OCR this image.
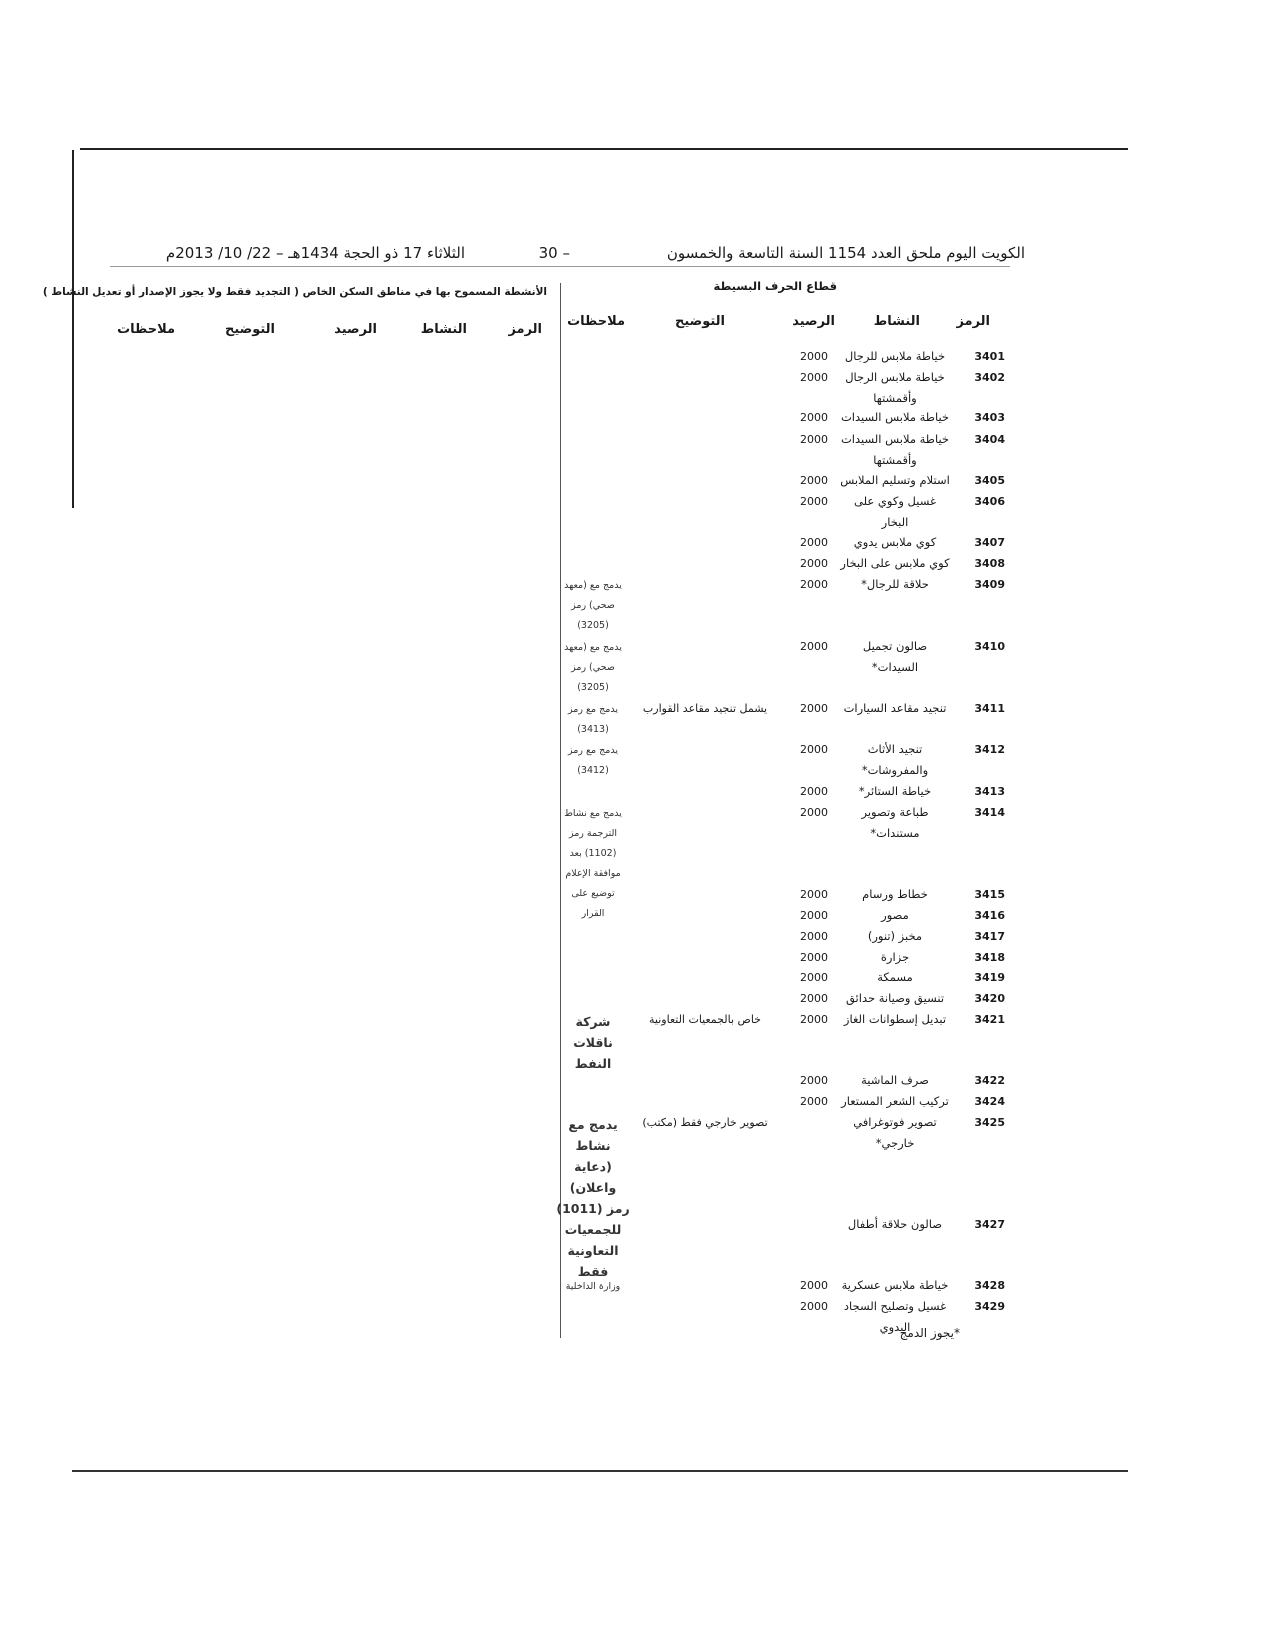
الكويت اليوم ملحق العدد 1154 السنة التاسعة والخمسون
– 30
الثلاثاء 17 ذو الحجة 1434هـ – 22/ 10/ 2013م
قطاع الحرف البسيطة
الرمز
النشاط
الرصيد
التوضيح
ملاحظات
3401
خياطة ملابس للرجال
2000
3402
خياطة ملابس الرجال
وأقمشتها
2000
3403
خياطة ملابس السيدات
2000
3404
خياطة ملابس السيدات
وأقمشتها
2000
3405
استلام وتسليم الملابس
2000
3406
غسيل وكوي على
البخار
2000
3407
كوي ملابس يدوي
2000
3408
كوي ملابس على البخار
2000
3409
حلاقة للرجال*
2000
يدمج مع (معهد
صحي) رمز
(3205)
3410
صالون تجميل
السيدات*
2000
يدمج مع (معهد
صحي) رمز
(3205)
3411
تنجيد مقاعد السيارات
2000
يشمل تنجيد مقاعد القوارب
يدمج مع رمز
(3413)
3412
تنجيد الأثاث
والمفروشات*
2000
يدمج مع رمز
(3412)
3413
خياطة الستائر*
2000
3414
طباعة وتصوير
مستندات*
2000
يدمج مع نشاط
الترجمة رمز
(1102) بعد
موافقة الإعلام
توضيع على
القرار
3415
خطاط ورسام
2000
3416
مصور
2000
3417
مخبز (تنور)
2000
3418
جزارة
2000
3419
مسمكة
2000
3420
تنسيق وصيانة حدائق
2000
3421
تبديل إسطوانات الغاز
2000
خاص بالجمعيات التعاونية
شركة
ناقلات
النفط
3422
صرف الماشية
2000
3424
تركيب الشعر المستعار
2000
3425
تصوير فوتوغرافي
خارجي*
تصوير خارجي فقط (مكتب)
يدمج مع
نشاط
(دعاية
واعلان)
رمز (1011)
للجمعيات
التعاونية
فقط
3427
صالون حلاقة أطفال
3428
خياطة ملابس عسكرية
2000
وزارة الداخلية
3429
غسيل وتصليح السجاد اليدوي
2000
*يجوز الدمج
الأنشطة المسموح بها في مناطق السكن الخاص ( التجديد فقط ولا يجوز الإصدار أو تعديل النشاط )
الرمز
النشاط
الرصيد
التوضيح
ملاحظات
